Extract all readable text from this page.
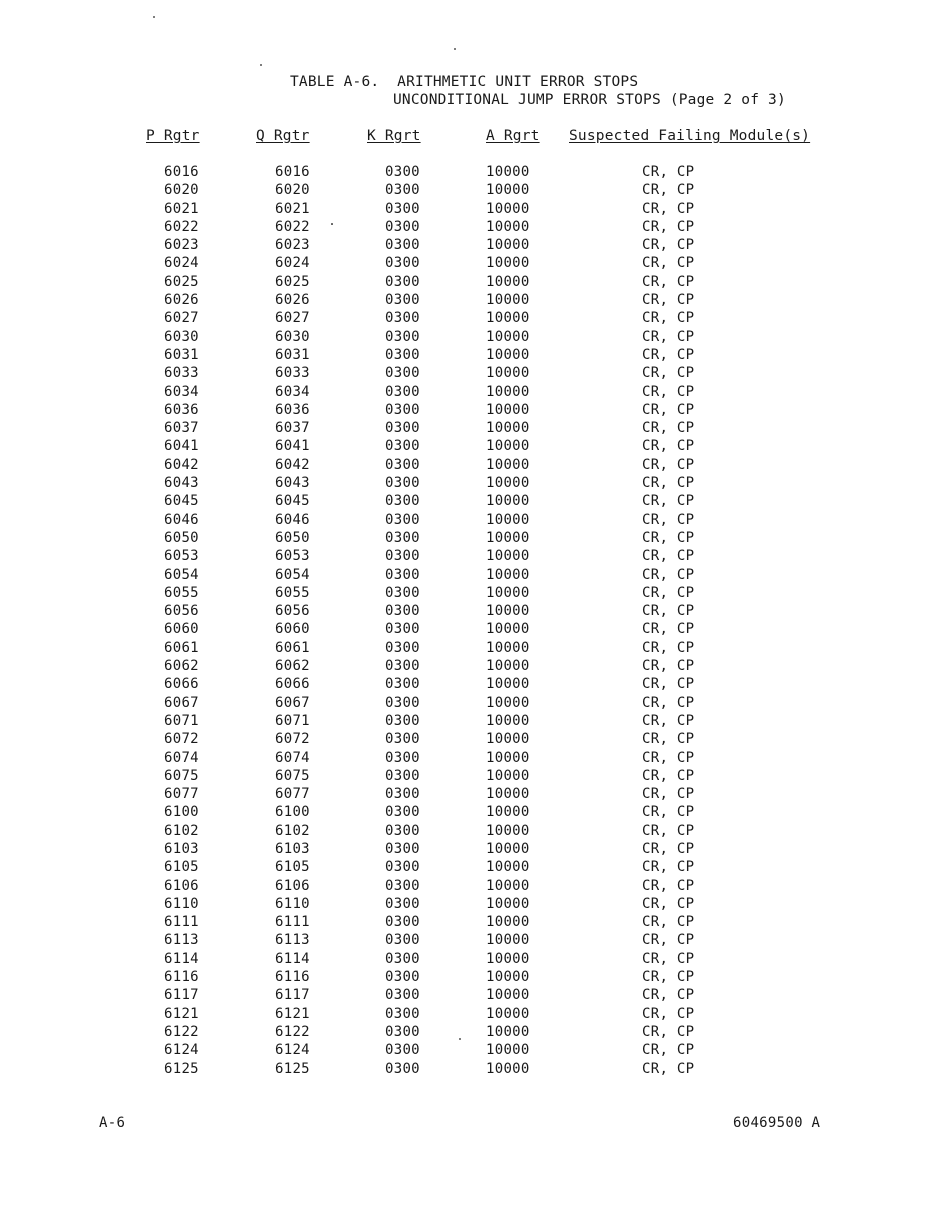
TABLE A-6.  ARITHMETIC UNIT ERROR STOPS
UNCONDITIONAL JUMP ERROR STOPS (Page 2 of 3)
P Rgtr	Q Rgtr	K Rgrt	A Rgrt Suspected Failing Module(s)
6016	6016	0300	10000	CR, CP
6020	6020	0300	10000	CR, CP
6021	6021	0300	10000	CR, CP
6022	6022	0300	10000	CR, CP
6023	6023	0300	10000	CR, CP
6024	6024	0300	10000	CR, CP
6025	6025	0300	10000	CR, CP
6026	6026	0300	10000	CR, CP
6027	6027	0300	10000	CR, CP
6030	6030	0300	10000	CR, CP
6031	6031	0300	10000	CR, CP
6033	6033	0300	10000	CR, CP
6034	6034	0300	10000	CR, CP
6036	6036	0300	10000	CR, CP
6037	6037	0300	10000	CR, CP
6041	6041	0300	10000	CR, CP
6042	6042	0300	10000	CR, CP
6043	6043	0300	10000	CR, CP
6045	6045	0300	10000	CR, CP
6046	6046	0300	10000	CR, CP
6050	6050	0300	10000	CR, CP
6053	6053	0300	10000	CR, CP
6054	6054	0300	10000	CR, CP
6055	6055	0300	10000	CR, CP
6056	6056	0300	10000	CR, CP
6060	6060	0300	10000	CR, CP
6061	6061	0300	10000	CR, CP
6062	6062	0300	10000	CR, CP
6066	6066	0300	10000	CR, CP
6067	6067	0300	10000	CR, CP
6071	6071	0300	10000	CR, CP
6072	6072	0300	10000	CR, CP
6074	6074	0300	10000	CR, CP
6075	6075	0300	10000	CR, CP
6077	6077	0300	10000	CR, CP
6100	6100	0300	10000	CR, CP
6102	6102	0300	10000	CR, CP
6103	6103	0300	10000	CR, CP
6105	6105	0300	10000	CR, CP
6106	6106	0300	10000	CR, CP
6110	6110	0300	10000	CR, CP
6111	6111	0300	10000	CR, CP
6113	6113	0300	10000	CR, CP
6114	6114	0300	10000	CR, CP
6116	6116	0300	10000	CR, CP
6117	6117	0300	10000	CR, CP
6121	6121	0300	10000	CR, CP
6122	6122	0300	10000	CR, CP
6124	6124	0300	10000	CR, CP
6125	6125	0300	10000	CR, CP
A-6	60469500 A
